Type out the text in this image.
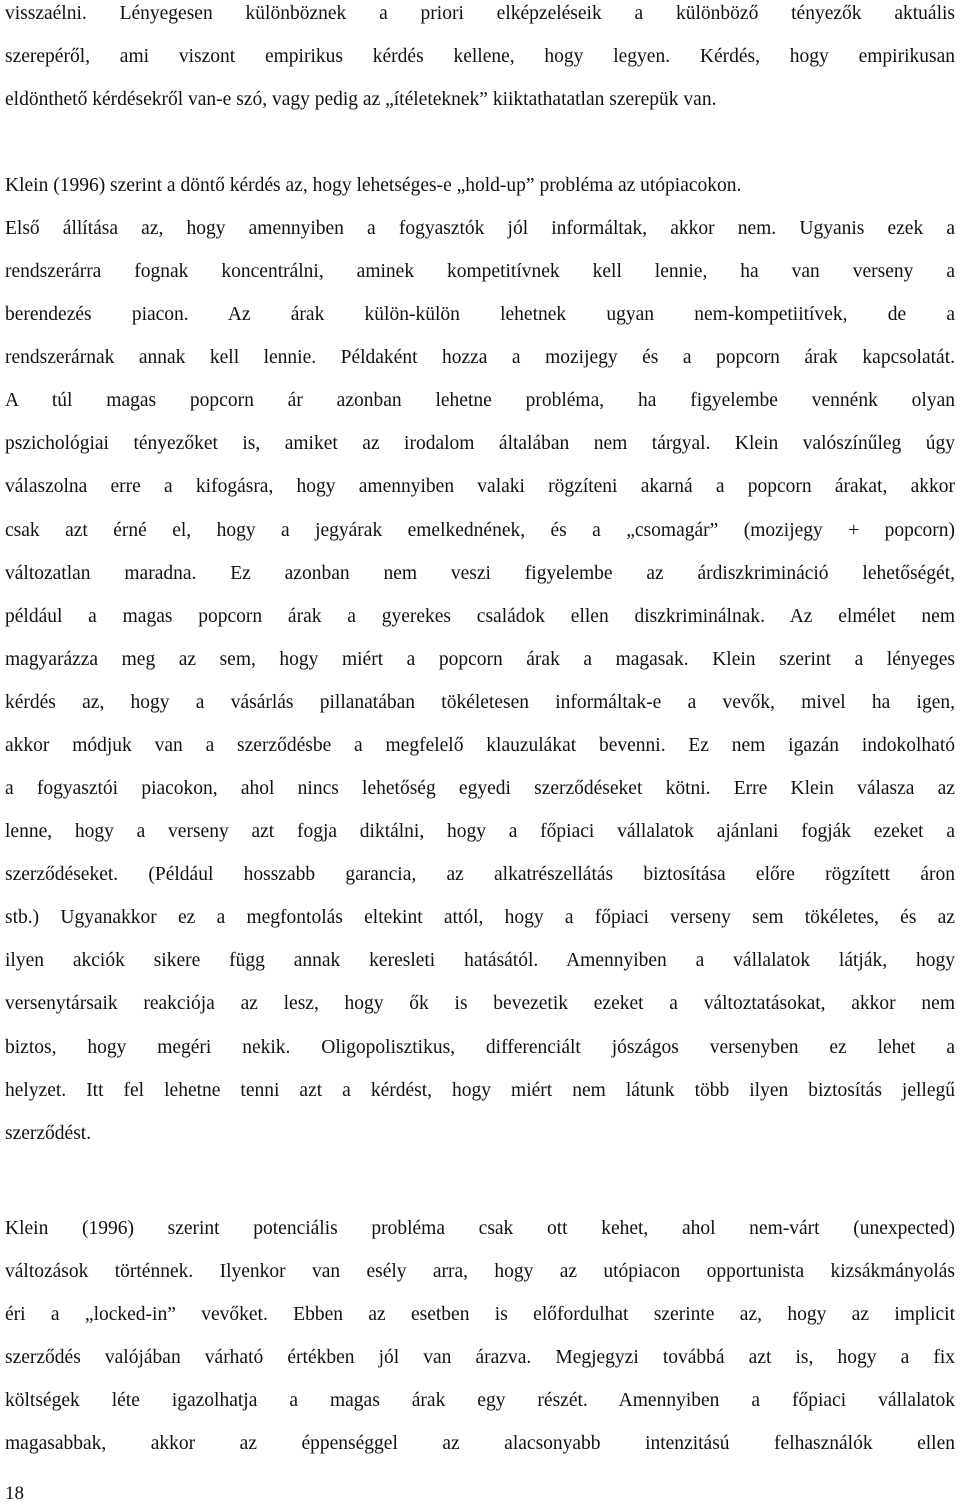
visszaélni. Lényegesen különböznek a priori elképzeléseik a különböző tényezők aktuális
szerepéről, ami viszont empirikus kérdés kellene, hogy legyen. Kérdés, hogy empirikusan
eldönthető kérdésekről van-e szó, vagy pedig az „ítéleteknek” kiiktathatatlan szerepük van.
Klein (1996) szerint a döntő kérdés az, hogy lehetséges-e „hold-up” probléma az utópiacokon.
Első állítása az, hogy amennyiben a fogyasztók jól informáltak, akkor nem. Ugyanis ezek a
rendszerárra fognak koncentrálni, aminek kompetitívnek kell lennie, ha van verseny a
berendezés piacon. Az árak külön-külön lehetnek ugyan nem-kompetiitívek, de a
rendszerárnak annak kell lennie. Példaként hozza a mozijegy és a popcorn árak kapcsolatát.
A túl magas popcorn ár azonban lehetne probléma, ha figyelembe vennénk olyan
pszichológiai tényezőket is, amiket az irodalom általában nem tárgyal. Klein valószínűleg úgy
válaszolna erre a kifogásra, hogy amennyiben valaki rögzíteni akarná a popcorn árakat, akkor
csak azt érné el, hogy a jegyárak emelkednének, és a „csomagár” (mozijegy + popcorn)
változatlan maradna. Ez azonban nem veszi figyelembe az árdiszkrimináció lehetőségét,
például a magas popcorn árak a gyerekes családok ellen diszkriminálnak. Az elmélet nem
magyarázza meg az sem, hogy miért a popcorn árak a magasak. Klein szerint a lényeges
kérdés az, hogy a vásárlás pillanatában tökéletesen informáltak-e a vevők, mivel ha igen,
akkor módjuk van a szerződésbe a megfelelő klauzulákat bevenni. Ez nem igazán indokolható
a fogyasztói piacokon, ahol nincs lehetőség egyedi szerződéseket kötni. Erre Klein válasza az
lenne, hogy a verseny azt fogja diktálni, hogy a főpiaci vállalatok ajánlani fogják ezeket a
szerződéseket. (Például hosszabb garancia, az alkatrészellátás biztosítása előre rögzített áron
stb.) Ugyanakkor ez a megfontolás eltekint attól, hogy a főpiaci verseny sem tökéletes, és az
ilyen akciók sikere függ annak keresleti hatásától. Amennyiben a vállalatok látják, hogy
versenytársaik reakciója az lesz, hogy ők is bevezetik ezeket a változtatásokat, akkor nem
biztos, hogy megéri nekik. Oligopolisztikus, differenciált jószágos versenyben ez lehet a
helyzet. Itt fel lehetne tenni azt a kérdést, hogy miért nem látunk több ilyen biztosítás jellegű
szerződést.
Klein (1996) szerint potenciális probléma csak ott kehet, ahol nem-várt (unexpected)
változások történnek. Ilyenkor van esély arra, hogy az utópiacon opportunista kizsákmányolás
éri a „locked-in” vevőket. Ebben az esetben is előfordulhat szerinte az, hogy az implicit
szerződés valójában várható értékben jól van árazva. Megjegyzi továbbá azt is, hogy a fix
költségek léte igazolhatja a magas árak egy részét. Amennyiben a főpiaci vállalatok
magasabbak, akkor az éppenséggel az alacsonyabb intenzitású felhasználók ellen
18
